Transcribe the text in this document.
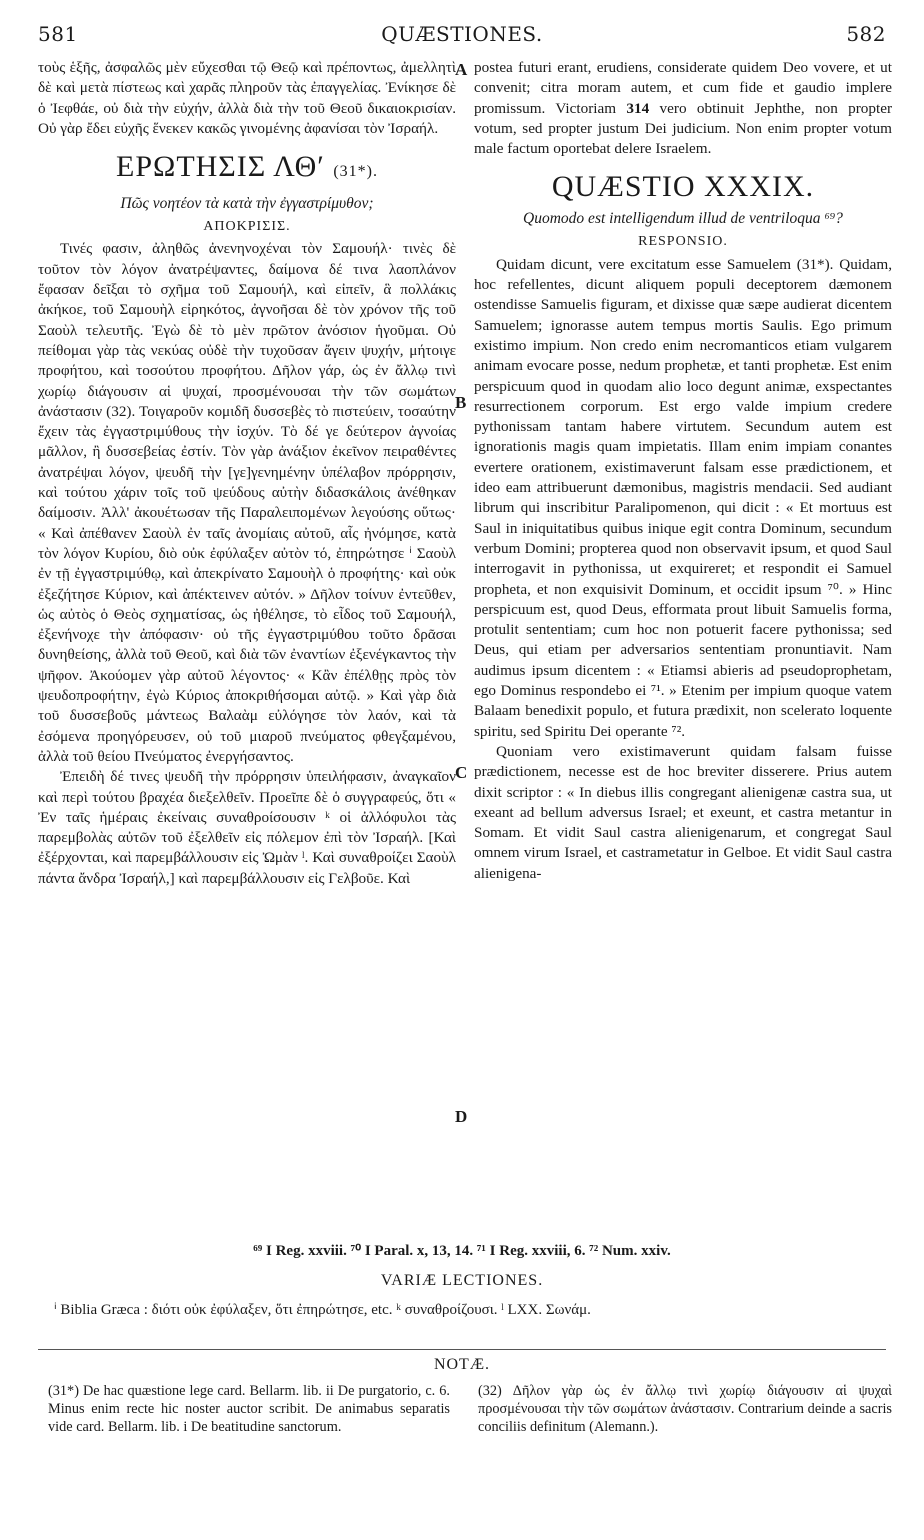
581	QUÆSTIONES.	582

τοὺς ἑξῆς, ἀσφαλῶς μὲν εὔχεσθαι τῷ Θεῷ καὶ πρέποντως, ἀμελλητὶ δὲ καὶ μετὰ πίστεως καὶ χαρᾶς πληροῦν τὰς ἐπαγγελίας. Ἐνίκησε δὲ ὁ Ἰεφθάε, οὐ διὰ τὴν εὐχήν, ἀλλὰ διὰ τὴν τοῦ Θεοῦ δικαιοκρισίαν. Οὐ γὰρ ἔδει εὐχῆς ἕνεκεν κακῶς γινομένης ἀφανίσαι τὸν Ἰσραήλ.

ΕΡΩΤΗΣΙΣ ΛΘʹ (31*).
Πῶς νοητέον τὰ κατὰ τὴν ἐγγαστρίμυθον;
ΑΠΟΚΡΙΣΙΣ.

Τινές φασιν, ἀληθῶς ἀνενηνοχέναι τὸν Σαμουήλ· τινὲς δὲ τοῦτον τὸν λόγον ἀνατρέψαντες, δαίμονα δέ τινα λαοπλάνον ἔφασαν δεῖξαι τὸ σχῆμα τοῦ Σαμουήλ, καὶ εἰπεῖν, ἃ πολλάκις ἀκήκοε, τοῦ Σαμουὴλ εἰρηκότος, ἀγνοῆσαι δὲ τὸν χρόνον τῆς τοῦ Σαοὺλ τελευτῆς. Ἐγὼ δὲ τὸ μὲν πρῶτον ἀνόσιον ἡγοῦμαι. Οὐ πείθομαι γὰρ τὰς νεκύας οὐδὲ τὴν τυχοῦσαν ἄγειν ψυχήν, μήτοιγε προφήτου, καὶ τοσούτου προφήτου. Δῆλον γάρ, ὡς ἐν ἄλλῳ τινὶ χωρίῳ διάγουσιν αἱ ψυχαί, προσμένουσαι τὴν τῶν σωμάτων ἀνάστασιν (32). Τοιγαροῦν κομιδῆ δυσσεβὲς τὸ πιστεύειν, τοσαύτην ἔχειν τὰς ἐγγαστριμύθους τὴν ἰσχύν. Τὸ δέ γε δεύτερον ἀγνοίας μᾶλλον, ἢ δυσσεβείας ἐστίν. Τὸν γὰρ ἀνάξιον ἐκεῖνον πειραθέντες ἀνατρέψαι λόγον, ψευδῆ τὴν [γε]γενημένην ὑπέλαβον πρόρρησιν, καὶ τούτου χάριν τοῖς τοῦ ψεύδους αὐτὴν διδασκάλοις ἀνέθηκαν δαίμοσιν. Ἀλλ' ἀκουέτωσαν τῆς Παραλειπομένων λεγούσης οὕτως· « Καὶ ἀπέθανεν Σαοὺλ ἐν ταῖς ἀνομίαις αὐτοῦ, αἷς ἠνόμησε, κατὰ τὸν λόγον Κυρίου, διὸ οὐκ ἐφύλαξεν αὐτὸν τό, ἐπηρώτησε ⁱ Σαοὺλ ἐν τῇ ἐγγαστριμύθῳ, καὶ ἀπεκρίνατο Σαμουὴλ ὁ προφήτης· καὶ οὐκ ἐξεζήτησε Κύριον, καὶ ἀπέκτεινεν αὐτόν. » Δῆλον τοίνυν ἐντεῦθεν, ὡς αὐτὸς ὁ Θεὸς σχηματίσας, ὡς ἠθέλησε, τὸ εἶδος τοῦ Σαμουήλ, ἐξενήνοχε τὴν ἀπόφασιν· οὐ τῆς ἐγγαστριμύθου τοῦτο δρᾶσαι δυνηθείσης, ἀλλὰ τοῦ Θεοῦ, καὶ διὰ τῶν ἐναντίων ἐξενέγκαντος τὴν ψῆφον. Ἀκούομεν γὰρ αὐτοῦ λέγοντος· « Κἂν ἐπέλθῃς πρὸς τὸν ψευδοπροφήτην, ἐγὼ Κύριος ἀποκριθήσομαι αὐτῷ. » Καὶ γὰρ διὰ τοῦ δυσσεβοῦς μάντεως Βαλαὰμ εὐλόγησε τὸν λαόν, καὶ τὰ ἐσόμενα προηγόρευσεν, οὐ τοῦ μιαροῦ πνεύματος φθεγξαμένου, ἀλλὰ τοῦ θείου Πνεύματος ἐνεργήσαντος.

Ἐπειδὴ δέ τινες ψευδῆ τὴν πρόρρησιν ὑπειλήφασιν, ἀναγκαῖον καὶ περὶ τούτου βραχέα διεξελθεῖν. Προεῖπε δὲ ὁ συγγραφεύς, ὅτι « Ἐν ταῖς ἡμέραις ἐκείναις συναθροίσουσιν ᵏ οἱ ἀλλόφυλοι τὰς παρεμβολὰς αὐτῶν τοῦ ἐξελθεῖν εἰς πόλεμον ἐπὶ τὸν Ἰσραήλ. [Καὶ ἐξέρχονται, καὶ παρεμβάλλουσιν εἰς Ὠμὰν ˡ. Καὶ συναθροίζει Σαοὺλ πάντα ἄνδρα Ἰσραήλ,] καὶ παρεμβάλλουσιν εἰς Γελβοῦε. Καὶ

postea futuri erant, erudiens, considerate quidem Deo vovere, et ut convenit; citra moram autem, et cum fide et gaudio implere promissum. Victoriam 314 vero obtinuit Jephthe, non propter votum, sed propter justum Dei judicium. Non enim propter votum male factum oportebat delere Israelem.

QUÆSTIO XXXIX.
Quomodo est intelligendum illud de ventriloqua ⁶⁹?
RESPONSIO.

Quidam dicunt, vere excitatum esse Samuelem (31*). Quidam, hoc refellentes, dicunt aliquem populi deceptorem dæmonem ostendisse Samuelis figuram, et dixisse quæ sæpe audierat dicentem Samuelem; ignorasse autem tempus mortis Saulis. Ego primum existimo impium. Non credo enim necromanticos etiam vulgarem animam evocare posse, nedum prophetæ, et tanti prophetæ. Est enim perspicuum quod in quodam alio loco degunt animæ, exspectantes resurrectionem corporum. Est ergo valde impium credere pythonissam tantam habere virtutem. Secundum autem est ignorationis magis quam impietatis. Illam enim impiam conantes evertere orationem, existimaverunt falsam esse prædictionem, et ideo eam attribuerunt dæmonibus, magistris mendacii. Sed audiant librum qui inscribitur Paralipomenon, qui dicit : « Et mortuus est Saul in iniquitatibus quibus inique egit contra Dominum, secundum verbum Domini; propterea quod non observavit ipsum, et quod Saul interrogavit in pythonissa, ut exquireret; et respondit ei Samuel propheta, et non exquisivit Dominum, et occidit ipsum ⁷⁰. » Hinc perspicuum est, quod Deus, efformata prout libuit Samuelis forma, protulit sententiam; cum hoc non potuerit facere pythonissa; sed Deus, qui etiam per adversarios sententiam pronuntiavit. Nam audimus ipsum dicentem : « Etiamsi abieris ad pseudoprophetam, ego Dominus respondebo ei ⁷¹. » Etenim per impium quoque vatem Balaam benedixit populo, et futura prædixit, non scelerato loquente spiritu, sed Spiritu Dei operante ⁷².

Quoniam vero existimaverunt quidam falsam fuisse prædictionem, necesse est de hoc breviter disserere. Prius autem dixit scriptor : « In diebus illis congregant alienigenæ castra sua, ut exeant ad bellum adversus Israel; et exeunt, et castra metantur in Somam. Et vidit Saul castra alienigenarum, et congregat Saul omnem virum Israel, et castrametatur in Gelboe. Et vidit Saul castra alienigena-

A
B
C
D
⁶⁹ I Reg. xxviii. ⁷⁰ I Paral. x, 13, 14. ⁷¹ I Reg. xxviii, 6. ⁷² Num. xxiv.
VARIÆ LECTIONES.
ⁱ Biblia Græca : διότι οὐκ ἐφύλαξεν, ὅτι ἐπηρώτησε, etc. ᵏ συναθροίζουσι. ˡ LXX. Σωνάμ.
NOTÆ.

(31*) De hac quæstione lege card. Bellarm. lib. ii De purgatorio, c. 6. Minus enim recte hic noster auctor scribit. De animabus separatis vide card. Bellarm. lib. i De beatitudine sanctorum.

(32) Δῆλον γὰρ ὡς ἐν ἄλλῳ τινὶ χωρίῳ διάγουσιν αἱ ψυχαὶ προσμένουσαι τὴν τῶν σωμάτων ἀνάστασιν. Contrarium deinde a sacris conciliis definitum (Alemann.).
